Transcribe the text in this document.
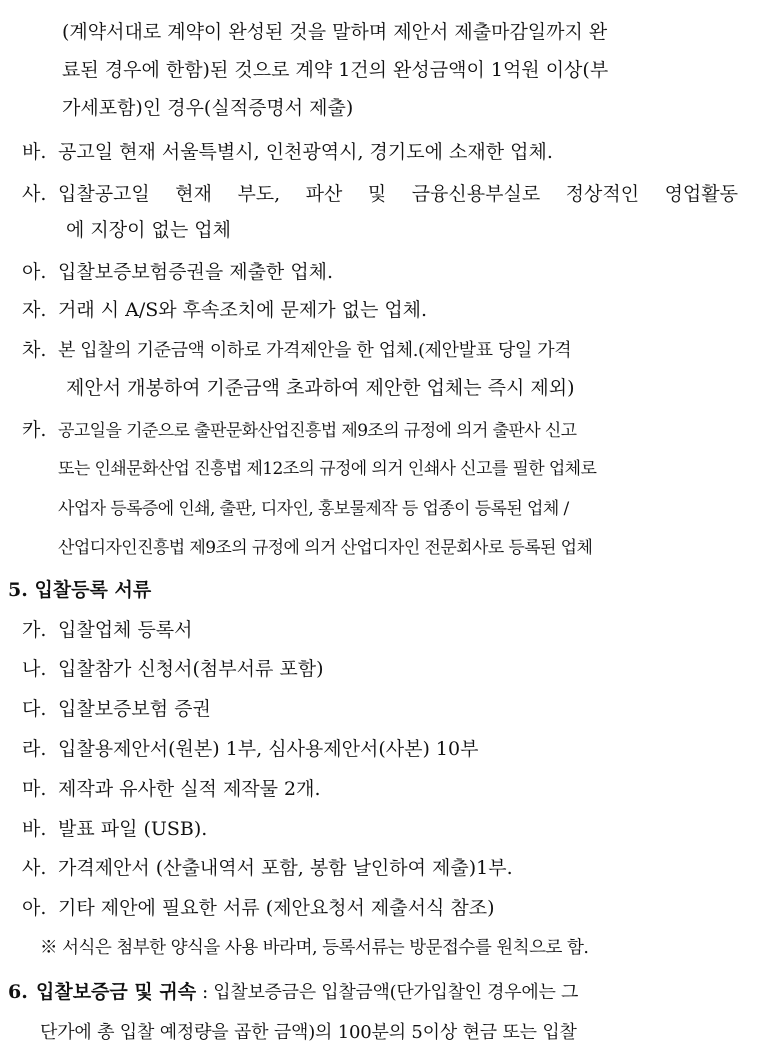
(계약서대로 계약이 완성된 것을 말하며 제안서 제출마감일까지 완
료된 경우에 한함)된 것으로 계약 1건의 완성금액이 1억원 이상(부
가세포함)인 경우(실적증명서 제출)
바. 공고일 현재 서울특별시, 인천광역시, 경기도에 소재한 업체.
사. 입찰공고일 현재 부도, 파산 및 금융신용부실로 정상적인 영업활동
에 지장이 없는 업체
아. 입찰보증보험증권을 제출한 업체.
자. 거래 시 A/S와 후속조치에 문제가 없는 업체.
차. 본 입찰의 기준금액 이하로 가격제안을 한 업체.(제안발표 당일 가격
제안서 개봉하여 기준금액 초과하여 제안한 업체는 즉시 제외)
카. 공고일을 기준으로 출판문화산업진흥법 제9조의 규정에 의거 출판사 신고
또는 인쇄문화산업 진흥법 제12조의 규정에 의거 인쇄사 신고를 필한 업체로
사업자 등록증에 인쇄, 출판, 디자인, 홍보물제작 등 업종이 등록된 업체 /
산업디자인진흥법 제9조의 규정에 의거 산업디자인 전문회사로 등록된 업체
5. 입찰등록 서류
가. 입찰업체 등록서
나. 입찰참가 신청서(첨부서류 포함)
다. 입찰보증보험 증권
라. 입찰용제안서(원본) 1부, 심사용제안서(사본) 10부
마. 제작과 유사한 실적 제작물 2개.
바. 발표 파일 (USB).
사. 가격제안서 (산출내역서 포함, 봉함 날인하여 제출)1부.
아. 기타 제안에 필요한 서류 (제안요청서 제출서식 참조)
※ 서식은 첨부한 양식을 사용 바라며, 등록서류는 방문접수를 원칙으로 함.
6. 입찰보증금 및 귀속 : 입찰보증금은 입찰금액(단가입찰인 경우에는 그
단가에 총 입찰 예정량을 곱한 금액)의 100분의 5이상 현금 또는 입찰
